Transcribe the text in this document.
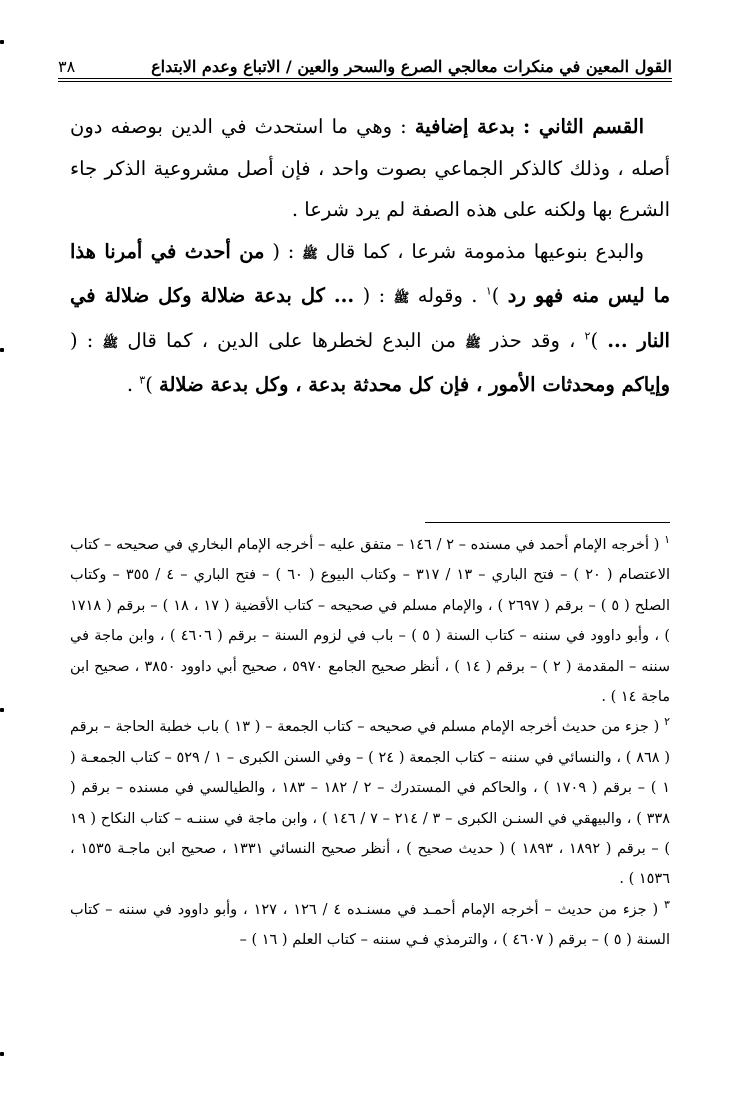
القول المعين في منكرات معالجي الصرع والسحر والعين / الاتباع وعدم الابتداع
٣٨

القسم الثاني : بدعة إضافية : وهي ما استحدث في الدين بوصفه دون أصله ، وذلك كالذكر الجماعي بصوت واحد ، فإن أصل مشروعية الذكر جاء الشرع بها ولكنه على هذه الصفة لم يرد شرعا .

والبدع بنوعيها مذمومة شرعا ، كما قال ﷺ : ( من أحدث في أمرنا هذا ما ليس منه فهو رد )$^١$ . وقوله ﷺ : ( ... كل بدعة ضلالة وكل ضلالة في النار ... )$^٢$ ، وقد حذر ﷺ من البدع لخطرها على الدين ، كما قال ﷺ : ( وإياكم ومحدثات الأمور ، فإن كل محدثة بدعة ، وكل بدعة ضلالة )$^٣$ .

$^١$ ( أخرجه الإمام أحمد في مسنده – ٢ / ١٤٦ – متفق عليه – أخرجه الإمام البخاري في صحيحه – كتاب الاعتصام ( ٢٠ ) – فتح الباري – ١٣ / ٣١٧ – وكتاب البيوع ( ٦٠ ) – فتح الباري – ٤ / ٣٥٥ – وكتاب الصلح ( ٥ ) – برقم ( ٢٦٩٧ ) ، والإمام مسلم في صحيحه – كتاب الأقضية ( ١٧ ، ١٨ ) – برقم ( ١٧١٨ ) ، وأبو داوود في سننه – كتاب السنة ( ٥ ) – باب في لزوم السنة – برقم ( ٤٦٠٦ ) ، وابن ماجة في سننه – المقدمة ( ٢ ) – برقم ( ١٤ ) ، أنظر صحيح الجامع ٥٩٧٠ ، صحيح أبي داوود ٣٨٥٠ ، صحيح ابن ماجة ١٤ ) .

$^٢$ ( جزء من حديث أخرجه الإمام مسلم في صحيحه – كتاب الجمعة – ( ١٣ ) باب خطبة الحاجة – برقم ( ٨٦٨ ) ، والنسائي في سننه – كتاب الجمعة ( ٢٤ ) – وفي السنن الكبرى – ١ / ٥٢٩ – كتاب الجمعـة ( ١ ) – برقم ( ١٧٠٩ ) ، والحاكم في المستدرك – ٢ / ١٨٢ – ١٨٣ ، والطيالسي في مسنده – برقم ( ٣٣٨ ) ، والبيهقي في السنـن الكبرى – ٣ / ٢١٤ – ٧ / ١٤٦ ) ، وابن ماجة في سننـه – كتاب النكاح ( ١٩ ) – برقم ( ١٨٩٢ ، ١٨٩٣ ) ( حديث صحيح ) ، أنظر صحيح النسائي ١٣٣١ ، صحيح ابن ماجـة ١٥٣٥ ، ١٥٣٦ ) .

$^٣$ ( جزء من حديث – أخرجه الإمام أحمـد في مسنـده ٤ / ١٢٦ ، ١٢٧ ، وأبو داوود في سننه – كتاب السنة ( ٥ ) – برقم ( ٤٦٠٧ ) ، والترمذي فـي سننه – كتاب العلم ( ١٦ ) –
